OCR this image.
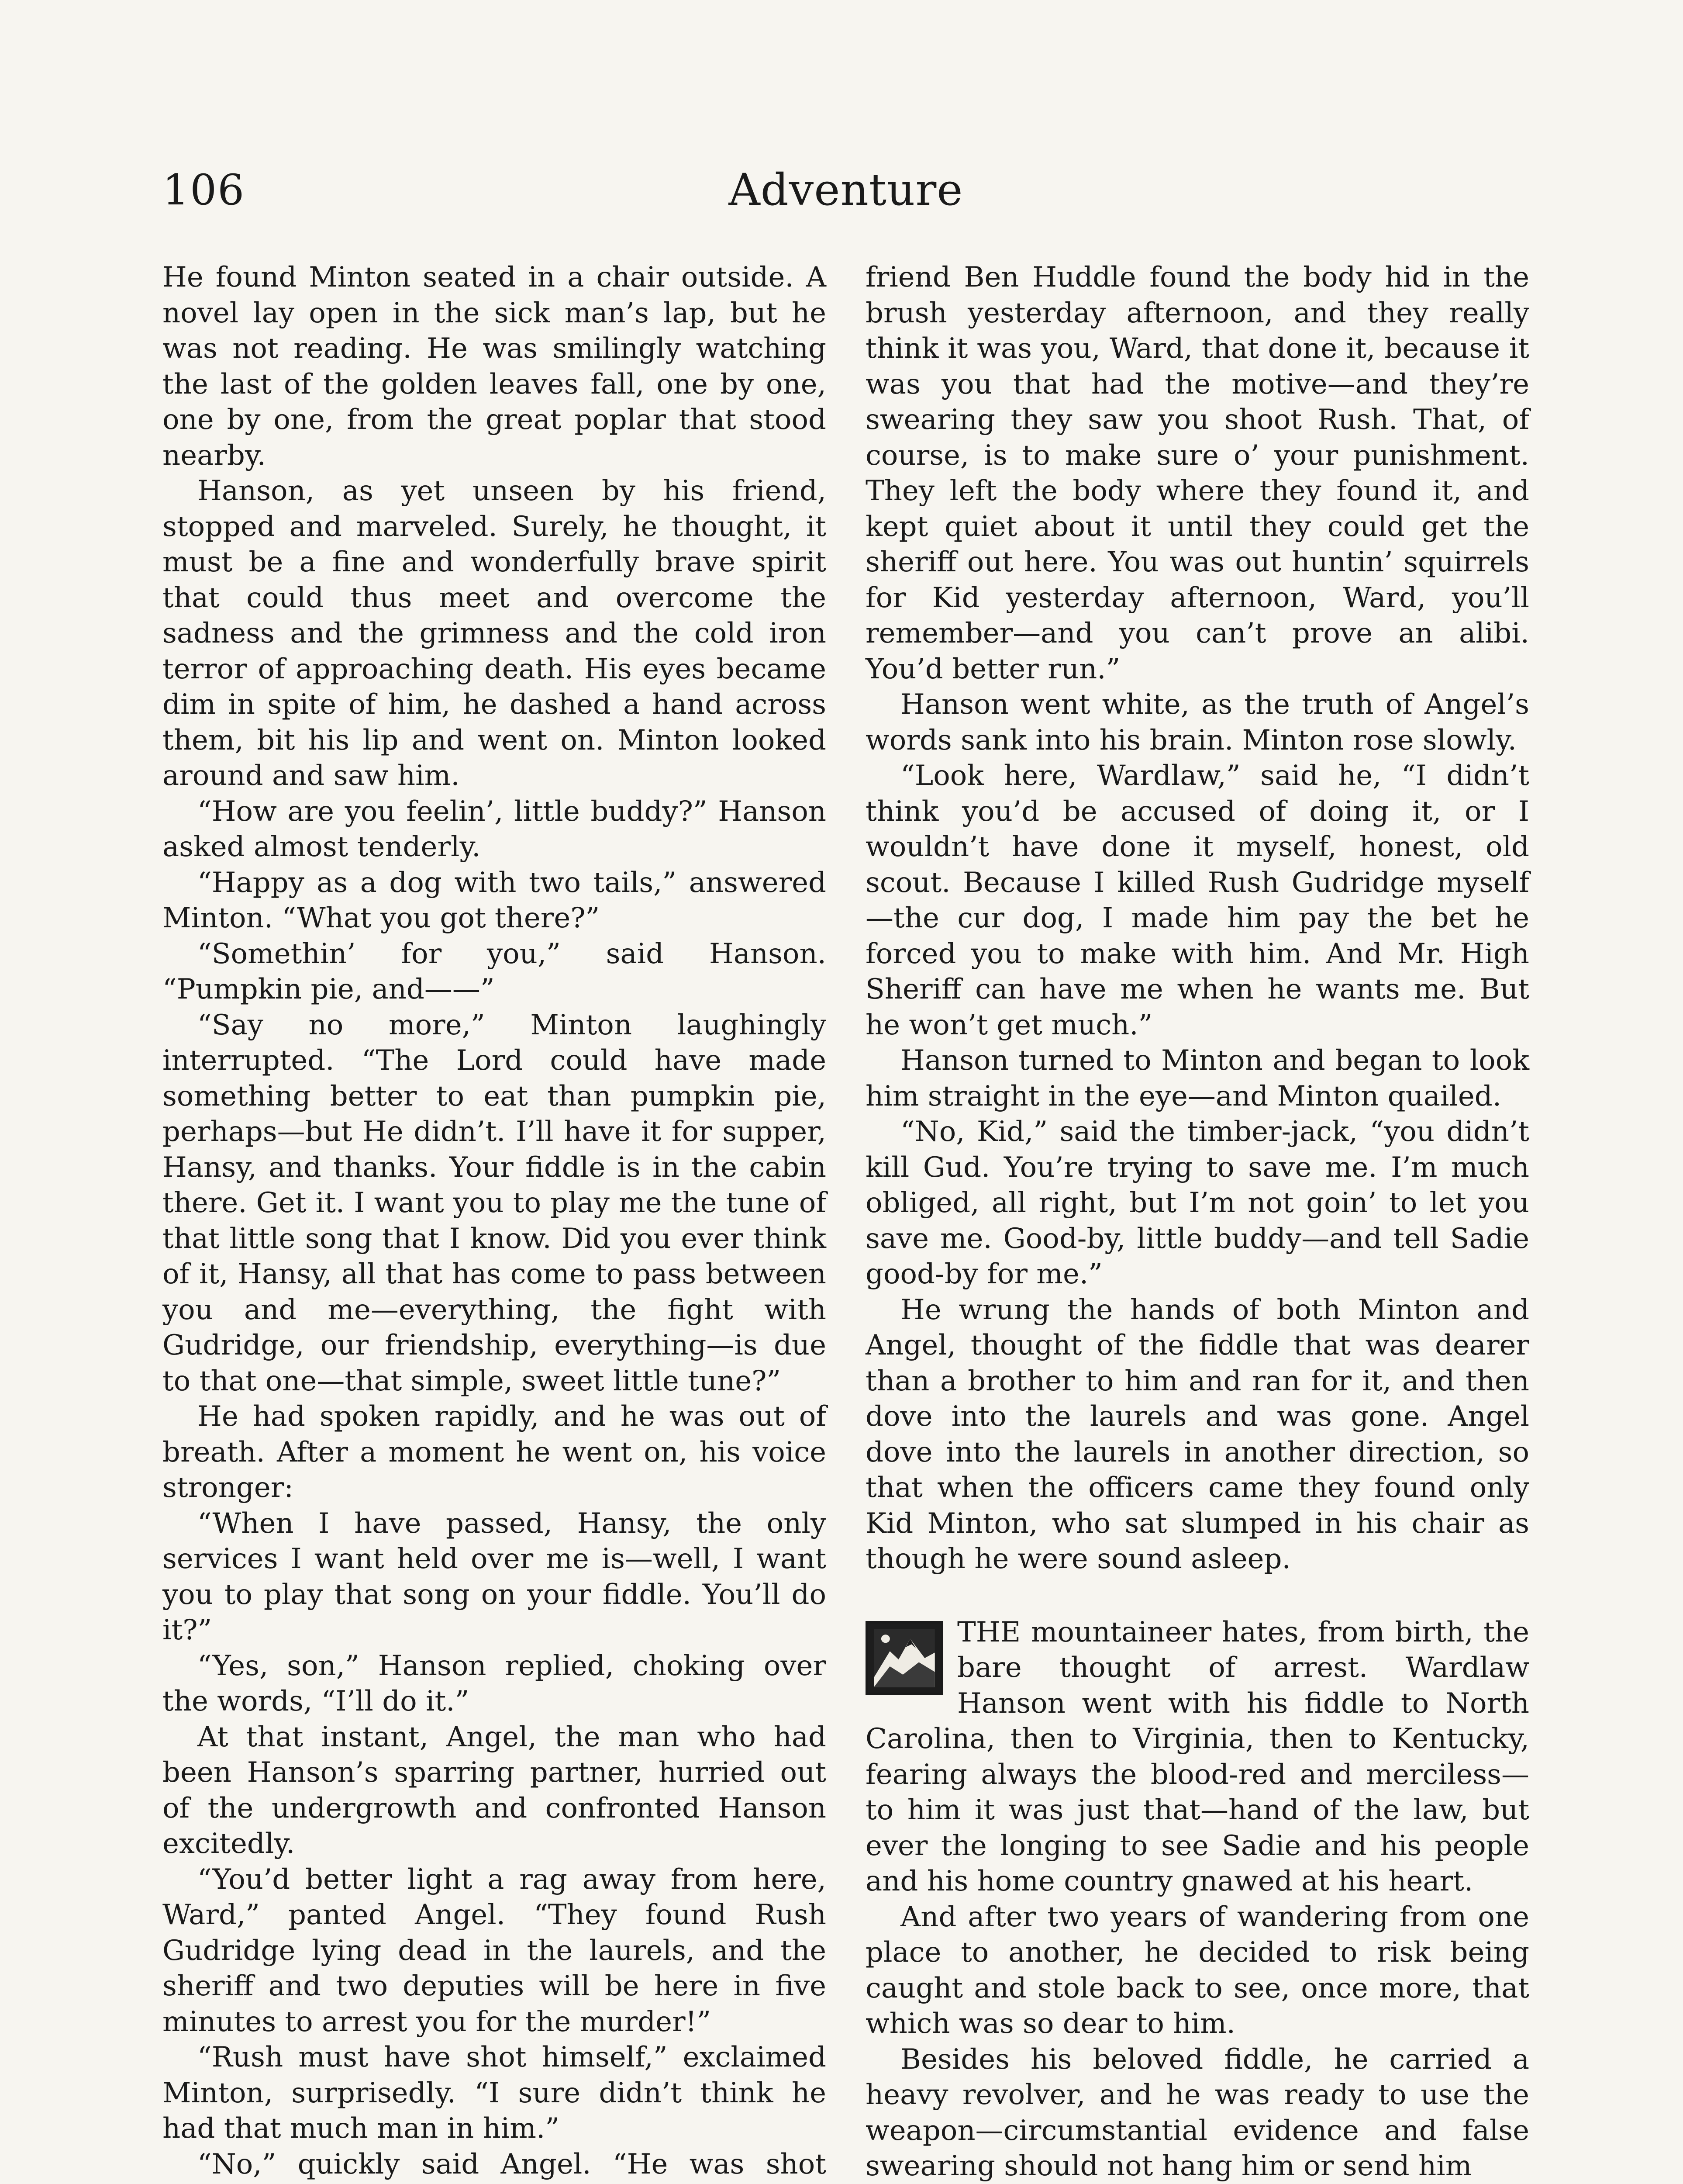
106	Adventure

He found Minton seated in a chair outside. A novel lay open in the sick man’s lap, but he was not reading. He was smilingly watching the last of the golden leaves fall, one by one, one by one, from the great poplar that stood nearby.

Hanson, as yet unseen by his friend, stopped and marveled. Surely, he thought, it must be a fine and wonderfully brave spirit that could thus meet and overcome the sadness and the grimness and the cold iron terror of approaching death. His eyes became dim in spite of him, he dashed a hand across them, bit his lip and went on. Minton looked around and saw him.

“How are you feelin’, little buddy?” Hanson asked almost tenderly.

“Happy as a dog with two tails,” answered Minton. “What you got there?”

“Somethin’ for you,” said Hanson. “Pumpkin pie, and——”

“Say no more,” Minton laughingly interrupted. “The Lord could have made something better to eat than pumpkin pie, perhaps—but He didn’t. I’ll have it for supper, Hansy, and thanks. Your fiddle is in the cabin there. Get it. I want you to play me the tune of that little song that I know. Did you ever think of it, Hansy, all that has come to pass between you and me—everything, the fight with Gudridge, our friendship, everything—is due to that one—that simple, sweet little tune?”

He had spoken rapidly, and he was out of breath. After a moment he went on, his voice stronger:

“When I have passed, Hansy, the only services I want held over me is—well, I want you to play that song on your fiddle. You’ll do it?”

“Yes, son,” Hanson replied, choking over the words, “I’ll do it.”

At that instant, Angel, the man who had been Hanson’s sparring partner, hurried out of the undergrowth and confronted Hanson excitedly.

“You’d better light a rag away from here, Ward,” panted Angel. “They found Rush Gudridge lying dead in the laurels, and the sheriff and two deputies will be here in five minutes to arrest you for the murder!”

“Rush must have shot himself,” exclaimed Minton, surprisedly. “I sure didn’t think he had that much man in him.”

“No,” quickly said Angel. “He was shot

friend Ben Huddle found the body hid in the brush yesterday afternoon, and they really think it was you, Ward, that done it, because it was you that had the motive—and they’re swearing they saw you shoot Rush. That, of course, is to make sure o’ your punishment. They left the body where they found it, and kept quiet about it until they could get the sheriff out here. You was out huntin’ squirrels for Kid yesterday afternoon, Ward, you’ll remember—and you can’t prove an alibi. You’d better run.”

Hanson went white, as the truth of Angel’s words sank into his brain. Minton rose slowly.

“Look here, Wardlaw,” said he, “I didn’t think you’d be accused of doing it, or I wouldn’t have done it myself, honest, old scout. Because I killed Rush Gudridge myself—the cur dog, I made him pay the bet he forced you to make with him. And Mr. High Sheriff can have me when he wants me. But he won’t get much.”

Hanson turned to Minton and began to look him straight in the eye—and Minton quailed.

“No, Kid,” said the timber-jack, “you didn’t kill Gud. You’re trying to save me. I’m much obliged, all right, but I’m not goin’ to let you save me. Good-by, little buddy—and tell Sadie good-by for me.”

He wrung the hands of both Minton and Angel, thought of the fiddle that was dearer than a brother to him and ran for it, and then dove into the laurels and was gone. Angel dove into the laurels in another direction, so that when the officers came they found only Kid Minton, who sat slumped in his chair as though he were sound asleep.

THE mountaineer hates, from birth, the bare thought of arrest. Wardlaw Hanson went with his fiddle to North Carolina, then to Virginia, then to Kentucky, fearing always the blood-red and merciless—to him it was just that—hand of the law, but ever the longing to see Sadie and his people and his home country gnawed at his heart.

And after two years of wandering from one place to another, he decided to risk being caught and stole back to see, once more, that which was so dear to him.

Besides his beloved fiddle, he carried a heavy revolver, and he was ready to use the weapon—circumstantial evidence and false swearing should not hang him or send him
